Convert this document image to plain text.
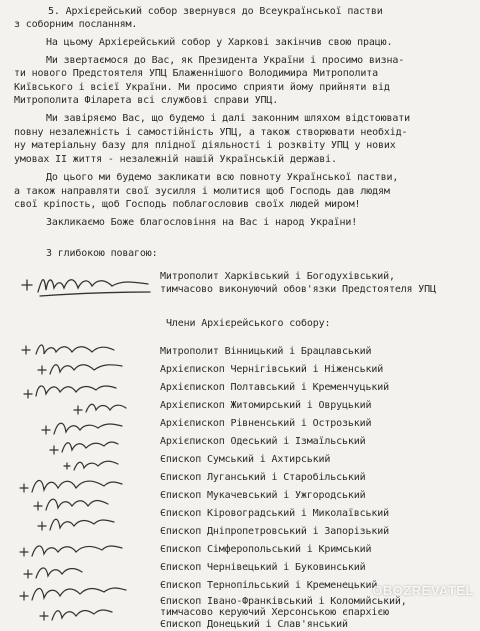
5. Архієрейський собор звернувся до Всеукраїнської пастви
з соборним посланням.
На цьому Архієрейський собор у Харкові закінчив свою працю.
Ми звертаємося до Вас, як Президента України і просимо визна-
ти нового Предстоятеля УПЦ Блаженнішого Володимира Митрополита
Київського і всієї України. Ми просимо сприяти йому прийняти від
Митрополита Філарета всі службові справи УПЦ.
Ми завіряємо Вас, що будемо і далі законним шляхом відстоювати
повну незалежність і самостійність УПЦ, а також створювати необхід-
ну матеріальну базу для плідної діяльності і розквіту УПЦ у нових
умовах ІІ життя - незалежній нашій Українській державі.
До цього ми будемо закликати всю повноту Української пастви,
а також направляти свої зусилля і молитися щоб Господь дав людям
свої кріпость, щоб Господь поблагословив своїх людей миром!
Закликаємо Боже благословіння на Вас і народ України!
З глибокою повагою:
Митрополит Харківський і Богодухівський,
тимчасово виконуючий обов'язки Предстоятеля УПЦ
Члени Архієрейського собору:
Митрополит Вінницький і Брацлавський
Архієпископ Чернігівський і Ніженський
Архієпископ Полтавський і Кременчуцький
Архієпископ Житомирський і Овруцький
Архієпископ Рівненський і Острозький
Архієпископ Одеський і Ізмаїльський
Єпископ Сумський і Ахтирський
Єпископ Луганський і Старобільський
Єпископ Мукачевський і Ужгородський
Єпископ Кіровоградський і Миколаївський
Єпископ Дніпропетровський і Запорізький
Єпископ Сімферопольський і Кримський
Єпископ Чернівецький і Буковинський
Єпископ Тернопільський і Кременецький
Єпископ Івано-Франківський і Коломийський,
тимчасово керуючий Херсонською єпархією
Єпископ Донецький і Слав'янський
OBOZREVATEL
